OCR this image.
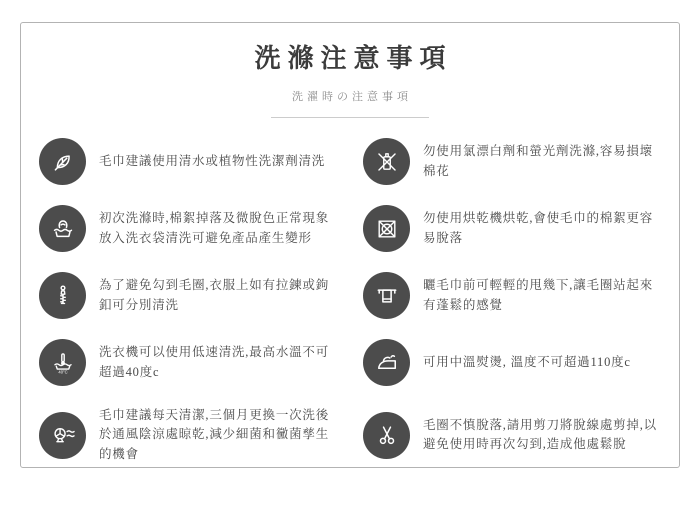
洗滌注意事項
洗濯時の注意事項
毛巾建議使用清水或植物性洗潔劑清洗
初次洗滌時,棉絮掉落及微脫色正常現象放入洗衣袋清洗可避免產品產生變形
為了避免勾到毛圈,衣服上如有拉鍊或鉤釦可分別清洗
40°C
洗衣機可以使用低速清洗,最高水溫不可超過40度c
毛巾建議每天清潔,三個月更換一次洗後於通風陰涼處晾乾,減少細菌和黴菌孳生的機會
勿使用氯漂白劑和螢光劑洗滌,容易損壞棉花
勿使用烘乾機烘乾,會使毛巾的棉絮更容易脫落
曬毛巾前可輕輕的甩幾下,讓毛圈站起來有蓬鬆的感覺
可用中溫熨燙, 溫度不可超過110度c
毛圈不慎脫落,請用剪刀將脫線處剪掉,以避免使用時再次勾到,造成他處鬆脫
